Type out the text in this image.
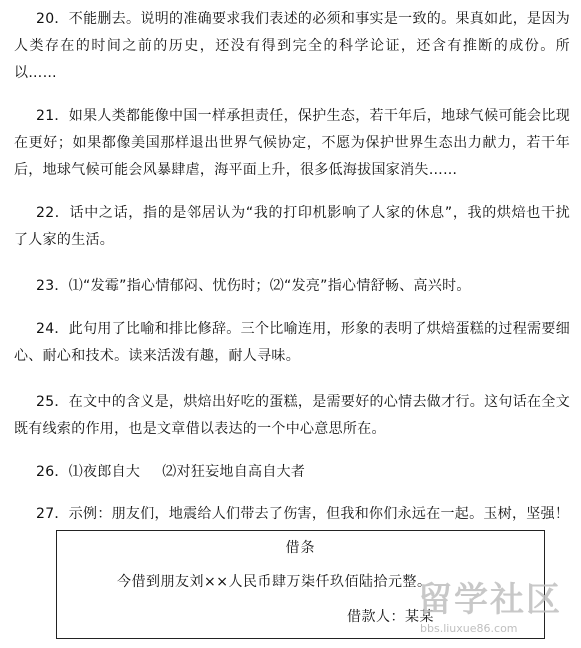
20．不能删去。说明的准确要求我们表述的必须和事实是一致的。果真如此，是因为人类存在的时间之前的历史，还没有得到完全的科学论证，还含有推断的成份。所以……

21．如果人类都能像中国一样承担责任，保护生态，若干年后，地球气候可能会比现在更好；如果都像美国那样退出世界气候协定，不愿为保护世界生态出力献力，若干年后，地球气候可能会风暴肆虐，海平面上升，很多低海拔国家消失……

22．话中之话，指的是邻居认为“我的打印机影响了人家的休息”，我的烘焙也干扰了人家的生活。

23．⑴“发霉”指心情郁闷、忧伤时；⑵“发亮”指心情舒畅、高兴时。

24．此句用了比喻和排比修辞。三个比喻连用，形象的表明了烘焙蛋糕的过程需要细心、耐心和技术。读来活泼有趣，耐人寻味。

25．在文中的含义是，烘焙出好吃的蛋糕，是需要好的心情去做才行。这句话在全文既有线索的作用，也是文章借以表达的一个中心意思所在。

26．⑴夜郎自大 ⑵对狂妄地自高自大者

27．示例：朋友们，地震给人们带去了伤害，但我和你们永远在一起。玉树，坚强！

借条
今借到朋友刘××人民币肆万柒仟玖佰陆拾元整。
借款人：某某
留学社区
bbs.liuxue86.com
